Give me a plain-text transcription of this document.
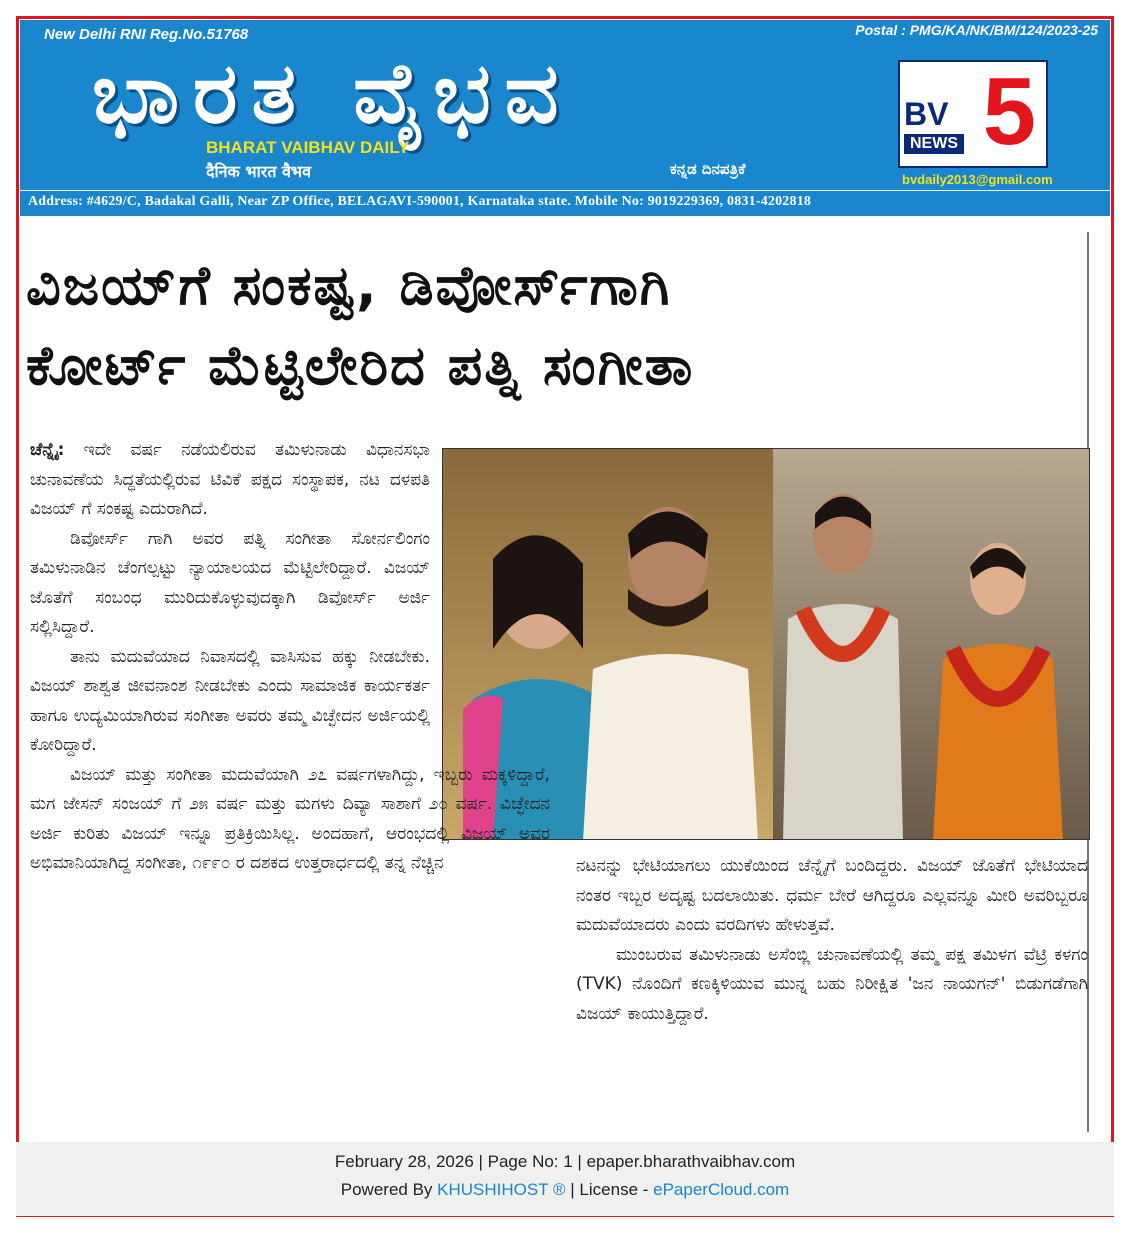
New Delhi RNI Reg.No.51768	Postal : PMG/KA/NK/BM/124/2023-25
ಭಾರತ ವೈಭವ
BHARAT VAIBHAV DAILY
दैनिक भारत वैभव	ಕನ್ನಡ ದಿನಪತ್ರಿಕೆ
BV 5
NEWS
bvdaily2013@gmail.com
Address: #4629/C, Badakal Galli, Near ZP Office, BELAGAVI-590001, Karnataka state. Mobile No: 9019229369, 0831-4202818
ವಿಜಯ್‌ಗೆ ಸಂಕಷ್ಟ, ಡಿವೋರ್ಸ್‌ಗಾಗಿ
ಕೋರ್ಟ್ ಮೆಟ್ಟಿಲೇರಿದ ಪತ್ನಿ ಸಂಗೀತಾ

ಚೆನ್ನೈ: ಇದೇ ವರ್ಷ ನಡೆಯಲಿರುವ ತಮಿಳುನಾಡು ವಿಧಾನಸಭಾ ಚುನಾವಣೆಯ ಸಿದ್ಧತೆಯಲ್ಲಿರುವ ಟಿವಿಕೆ ಪಕ್ಷದ ಸಂಸ್ಥಾಪಕ, ನಟ ದಳಪತಿ ವಿಜಯ್ ಗೆ ಸಂಕಷ್ಟ ಎದುರಾಗಿದೆ.

ಡಿವೋರ್ಸ್ ಗಾಗಿ ಅವರ ಪತ್ನಿ ಸಂಗೀತಾ ಸೋರ್ನಲಿಂಗಂ ತಮಿಳುನಾಡಿನ ಚೆಂಗಲ್ಪಟ್ಟು ನ್ಯಾಯಾಲಯದ ಮೆಟ್ಟಿಲೇರಿದ್ದಾರೆ. ವಿಜಯ್ ಜೊತೆಗೆ ಸಂಬಂಧ ಮುರಿದುಕೊಳ್ಳುವುದಕ್ಕಾಗಿ ಡಿವೋರ್ಸ್ ಅರ್ಜಿ ಸಲ್ಲಿಸಿದ್ದಾರೆ.

ತಾನು ಮದುವೆಯಾದ ನಿವಾಸದಲ್ಲಿ ವಾಸಿಸುವ ಹಕ್ಕು ನೀಡಬೇಕು. ವಿಜಯ್ ಶಾಶ್ವತ ಜೀವನಾಂಶ ನೀಡಬೇಕು ಎಂದು ಸಾಮಾಜಿಕ ಕಾರ್ಯಕರ್ತ ಹಾಗೂ ಉದ್ಯಮಿಯಾಗಿರುವ ಸಂಗೀತಾ ಅವರು ತಮ್ಮ ವಿಚ್ಛೇದನ ಅರ್ಜಿಯಲ್ಲಿ ಕೋರಿದ್ದಾರೆ.

ವಿಜಯ್ ಮತ್ತು ಸಂಗೀತಾ ಮದುವೆಯಾಗಿ ೨೭ ವರ್ಷಗಳಾಗಿದ್ದು, ಇಬ್ಬರು ಮಕ್ಕಳಿದ್ದಾರೆ, ಮಗ ಜೇಸನ್ ಸಂಜಯ್ ಗೆ ೨೫ ವರ್ಷ ಮತ್ತು ಮಗಳು ದಿವ್ಯಾ ಸಾಶಾಗೆ ೨೦ ವರ್ಷ. ವಿಚ್ಛೇದನ ಅರ್ಜಿ ಕುರಿತು ವಿಜಯ್ ಇನ್ನೂ ಪ್ರತಿಕ್ರಿಯಿಸಿಲ್ಲ. ಅಂದಹಾಗೆ, ಆರಂಭದಲ್ಲಿ ವಿಜಯ್ ಅವರ ಅಭಿಮಾನಿಯಾಗಿದ್ದ ಸಂಗೀತಾ, ೧೯೯೦ ರ ದಶಕದ ಉತ್ತರಾರ್ಧದಲ್ಲಿ ತನ್ನ ನೆಚ್ಚಿನ	ನಟನನ್ನು ಭೇಟಿಯಾಗಲು ಯುಕೆಯಿಂದ ಚೆನ್ನೈಗೆ ಬಂದಿದ್ದರು. ವಿಜಯ್ ಜೊತೆಗೆ ಭೇಟಿಯಾದ ನಂತರ ಇಬ್ಬರ ಅದೃಷ್ಟ ಬದಲಾಯಿತು. ಧರ್ಮ ಬೇರೆ ಆಗಿದ್ದರೂ ಎಲ್ಲವನ್ನೂ ಮೀರಿ ಅವರಿಬ್ಬರೂ ಮದುವೆಯಾದರು ಎಂದು ವರದಿಗಳು ಹೇಳುತ್ತವೆ.

ಮುಂಬರುವ ತಮಿಳುನಾಡು ಅಸೆಂಬ್ಲಿ ಚುನಾವಣೆಯಲ್ಲಿ ತಮ್ಮ ಪಕ್ಷ ತಮಿಳಗ ವೆಟ್ರಿ ಕಳಗಂ (TVK) ನೊಂದಿಗೆ ಕಣಕ್ಕಿಳಿಯುವ ಮುನ್ನ ಬಹು ನಿರೀಕ್ಷಿತ 'ಜನ ನಾಯಗನ್' ಬಿಡುಗಡೆಗಾಗಿ ವಿಜಯ್ ಕಾಯುತ್ತಿದ್ದಾರೆ.

February 28, 2026 | Page No: 1 | epaper.bharathvaibhav.com
Powered By KHUSHIHOST ® | License - ePaperCloud.com
